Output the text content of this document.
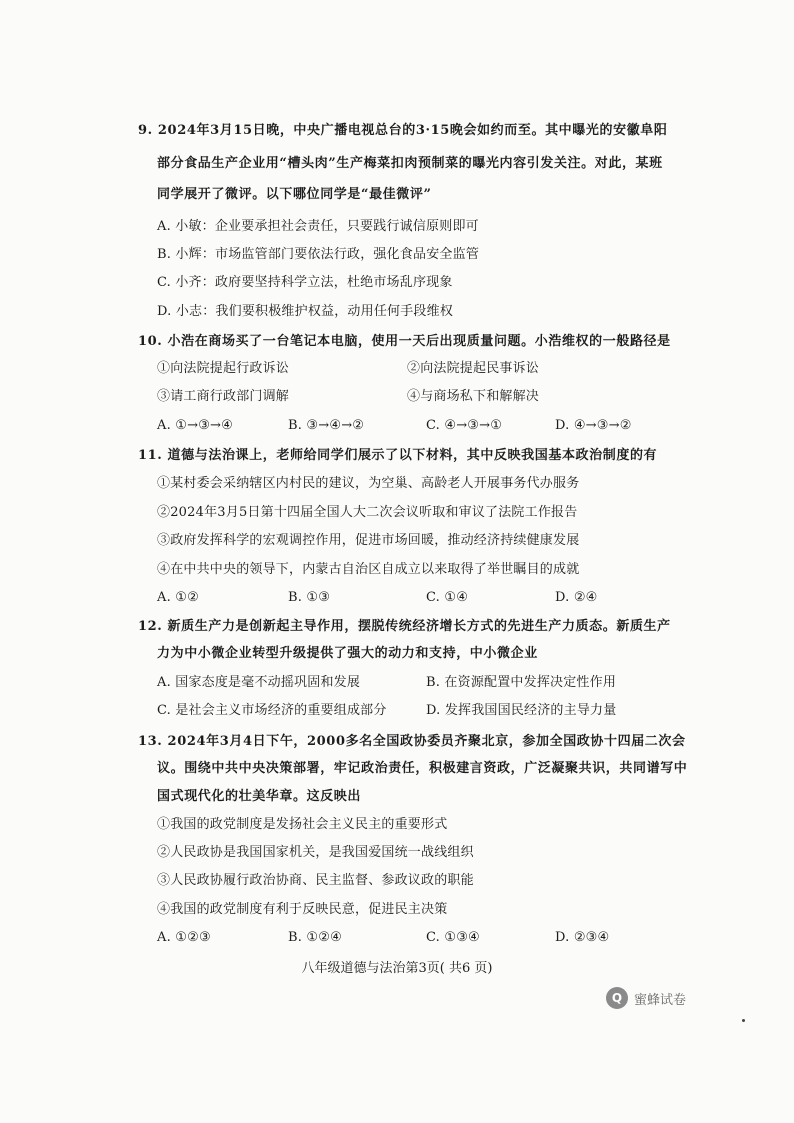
9. 2024年3月15日晚，中央广播电视总台的3·15晚会如约而至。其中曝光的安徽阜阳
部分食品生产企业用“槽头肉”生产梅菜扣肉预制菜的曝光内容引发关注。对此，某班
同学展开了微评。以下哪位同学是“最佳微评”
A. 小敏：企业要承担社会责任，只要践行诚信原则即可
B. 小辉：市场监管部门要依法行政，强化食品安全监管
C. 小齐：政府要坚持科学立法，杜绝市场乱序现象
D. 小志：我们要积极维护权益，动用任何手段维权
10. 小浩在商场买了一台笔记本电脑，使用一天后出现质量问题。小浩维权的一般路径是
①向法院提起行政诉讼	②向法院提起民事诉讼
③请工商行政部门调解	④与商场私下和解解决
A. ①→③→④	B. ③→④→②	C. ④→③→①	D. ④→③→②
11. 道德与法治课上，老师给同学们展示了以下材料，其中反映我国基本政治制度的有
①某村委会采纳辖区内村民的建议，为空巢、高龄老人开展事务代办服务
②2024年3月5日第十四届全国人大二次会议听取和审议了法院工作报告
③政府发挥科学的宏观调控作用，促进市场回暖，推动经济持续健康发展
④在中共中央的领导下，内蒙古自治区自成立以来取得了举世瞩目的成就
A. ①②	B. ①③	C. ①④	D. ②④
12. 新质生产力是创新起主导作用，摆脱传统经济增长方式的先进生产力质态。新质生产
力为中小微企业转型升级提供了强大的动力和支持，中小微企业
A. 国家态度是毫不动摇巩固和发展	B. 在资源配置中发挥决定性作用
C. 是社会主义市场经济的重要组成部分	D. 发挥我国国民经济的主导力量
13. 2024年3月4日下午，2000多名全国政协委员齐聚北京，参加全国政协十四届二次会
议。围绕中共中央决策部署，牢记政治责任，积极建言资政，广泛凝聚共识，共同谱写中
国式现代化的壮美华章。这反映出
①我国的政党制度是发扬社会主义民主的重要形式
②人民政协是我国国家机关，是我国爱国统一战线组织
③人民政协履行政治协商、民主监督、参政议政的职能
④我国的政党制度有利于反映民意，促进民主决策
A. ①②③	B. ①②④	C. ①③④	D. ②③④
八年级道德与法治第3页( 共6 页)
Q 蜜蜂试卷
